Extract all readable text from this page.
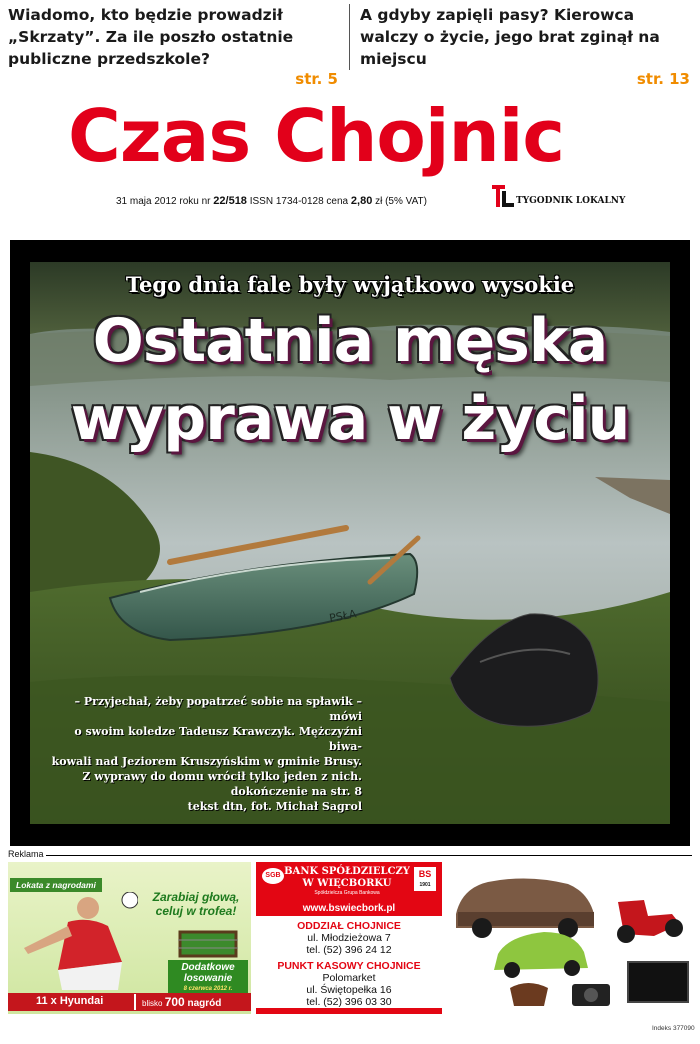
Wiadomo, kto będzie prowadził „Skrzaty”. Za ile poszło ostatnie publiczne przedszkole?
str. 5
A gdyby zapięli pasy? Kierowca walczy o życie, jego brat zginął na miejscu
str. 13
Czas Chojnic
31 maja 2012 roku nr 22/518 ISSN 1734-0128 cena 2,80 zł (5% VAT)	TYGODNIK LOKALNY
PSŁA
Tego dnia fale były wyjątkowo wysokie
Ostatnia męska
wyprawa w życiu
– Przyjechał, żeby popatrzeć sobie na spławik – mówi
o swoim koledze Tadeusz Krawczyk. Mężczyźni biwa-
kowali nad Jeziorem Kruszyńskim w gminie Brusy.
Z wyprawy do domu wrócił tylko jeden z nich.
dokończenie na str. 8
tekst dtn, fot. Michał Sagrol
Reklama
Lokata z nagrodami
Zarabiaj głową,
celuj w trofea!
Dodatkowe
losowanie
8 czerwca 2012 r.
11 x Hyundai	blisko 700 nagród
SGB BANK SPÓŁDZIELCZY
W WIĘCBORKU
Spółdzielcza Grupa Bankowa
BS
1901
www.bswiecbork.pl
ODDZIAŁ CHOJNICE
ul. Młodzieżowa 7
tel. (52) 396 24 12
PUNKT KASOWY CHOJNICE
Polomarket
ul. Świętopełka 16
tel. (52) 396 03 30
Indeks 377090
